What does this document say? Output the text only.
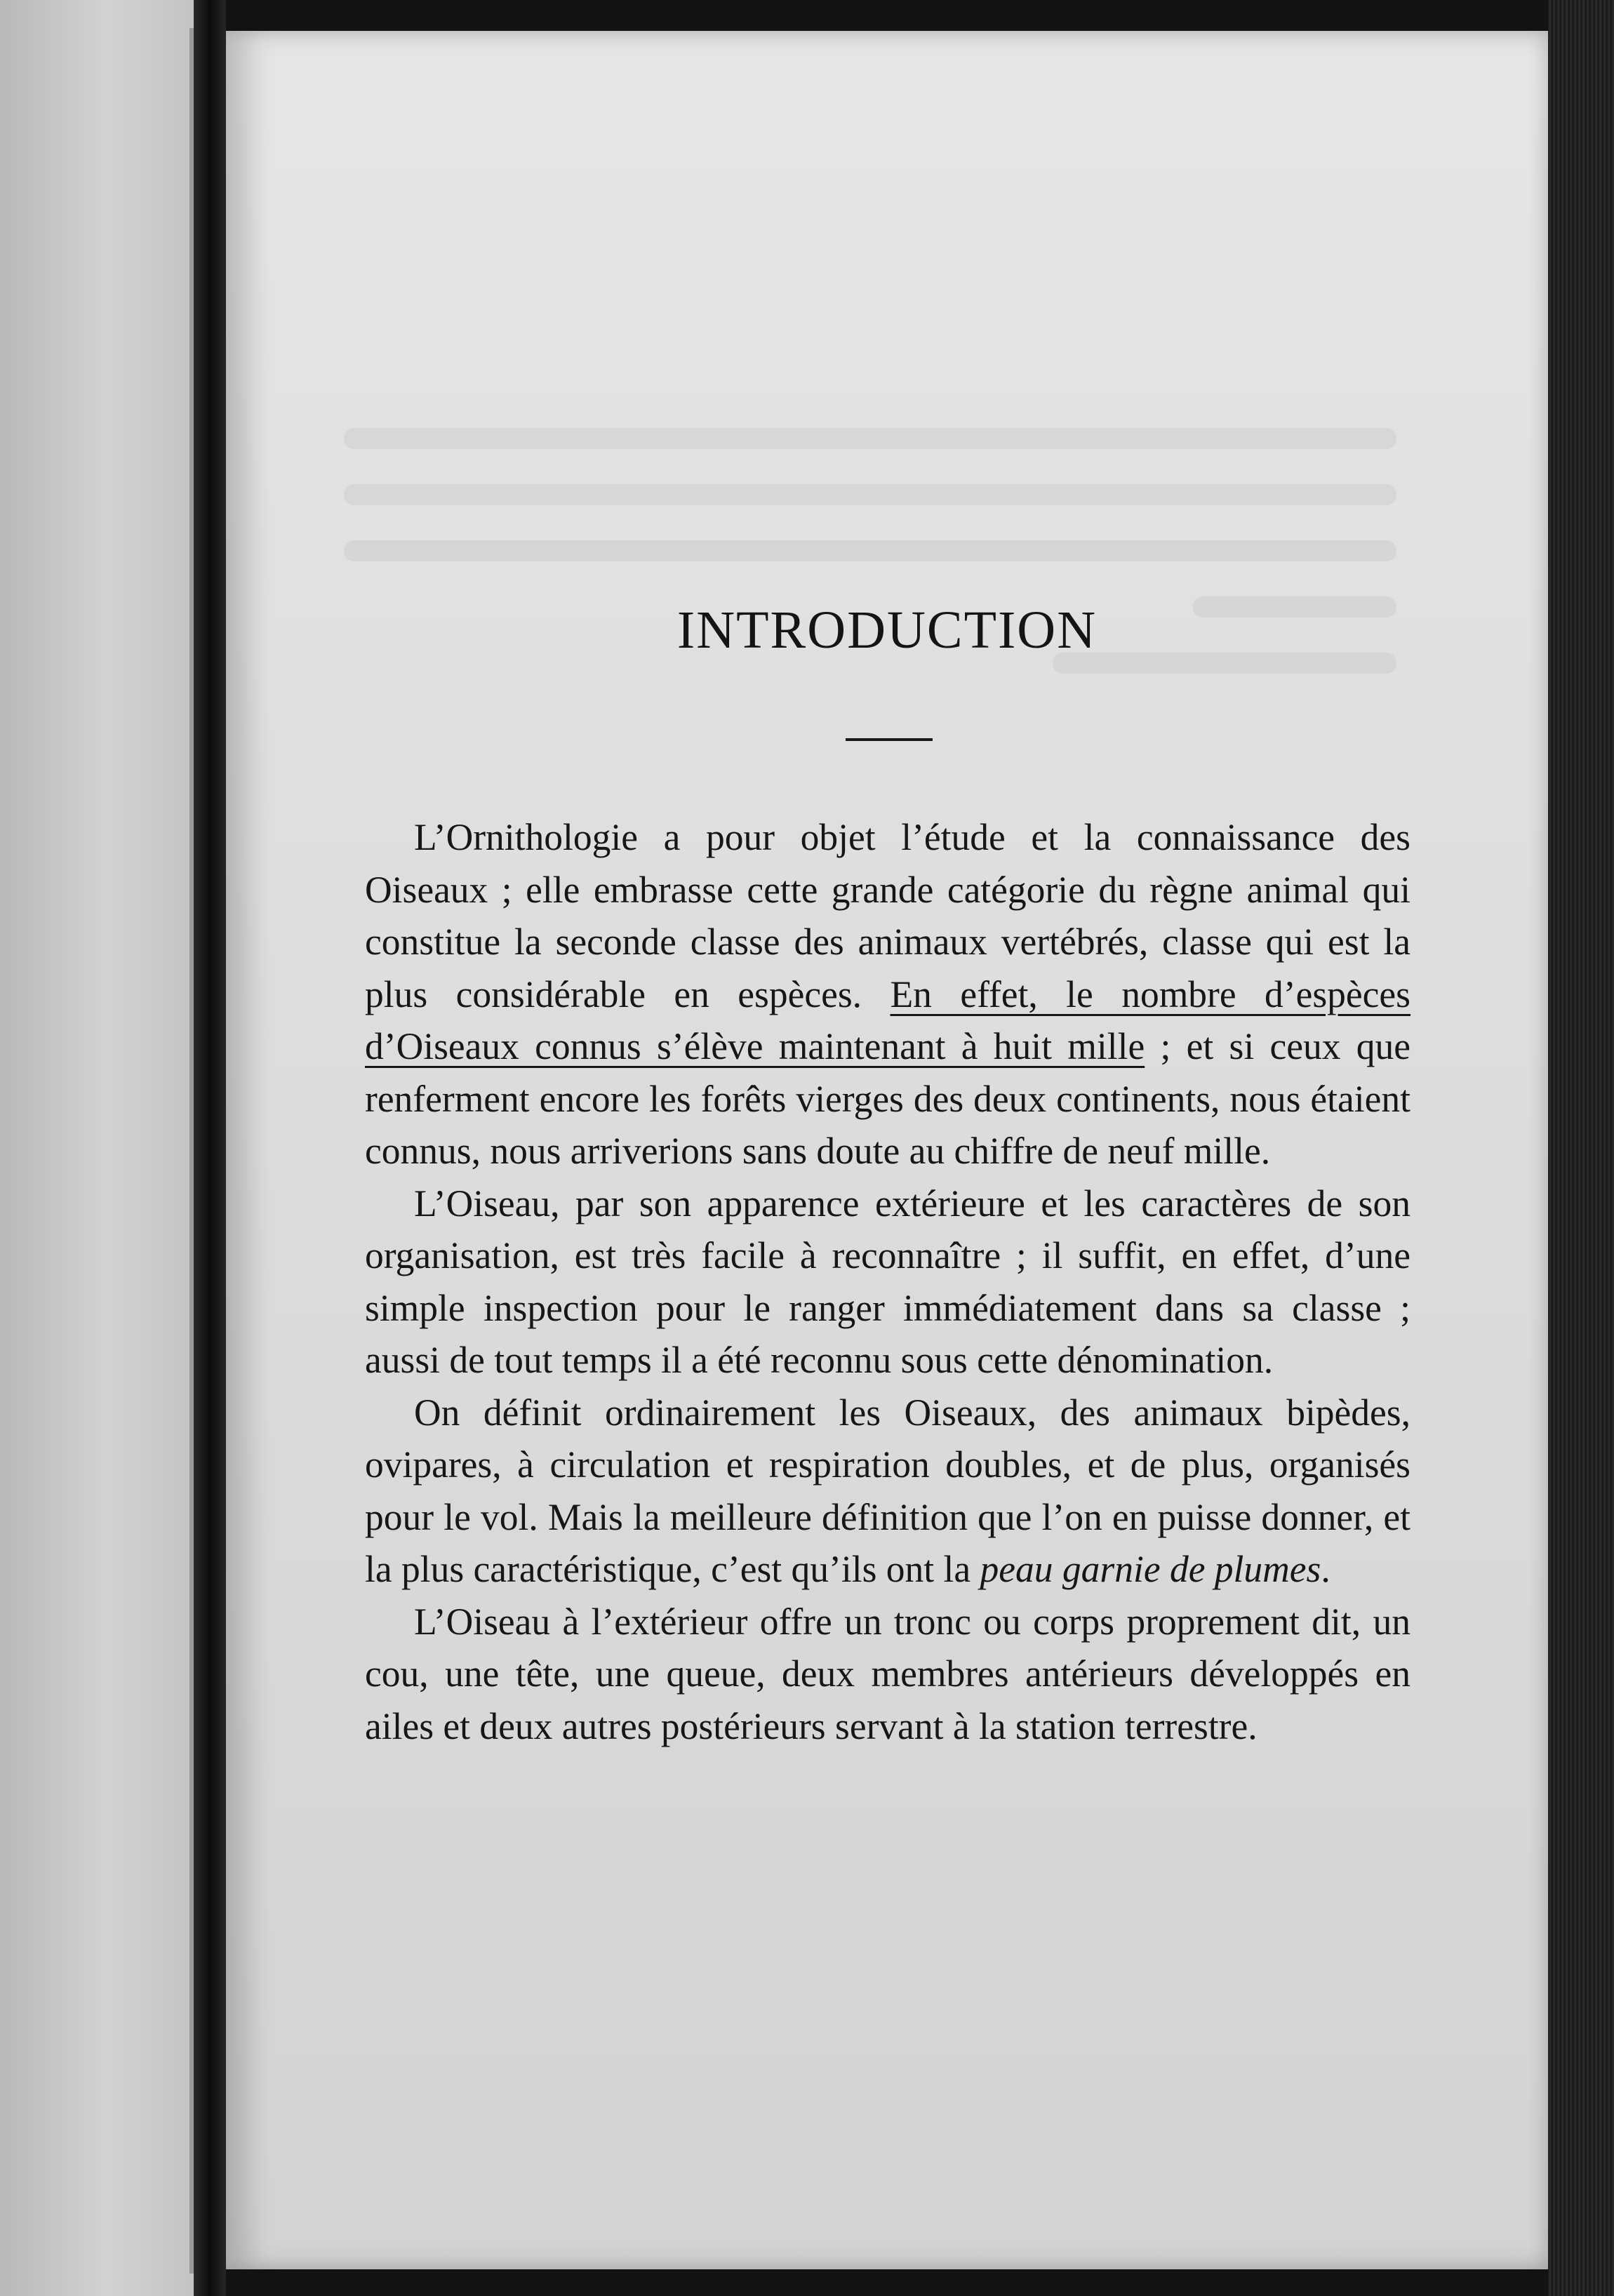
INTRODUCTION

L’Ornithologie a pour objet l’étude et la connaissance des Oiseaux ; elle embrasse cette grande catégorie du règne animal qui constitue la seconde classe des animaux vertébrés, classe qui est la plus considérable en espèces. En effet, le nombre d’espèces d’Oiseaux connus s’élève maintenant à huit mille ; et si ceux que renferment encore les forêts vierges des deux continents, nous étaient connus, nous arriverions sans doute au chiffre de neuf mille.

L’Oiseau, par son apparence extérieure et les caractères de son organisation, est très facile à reconnaître ; il suffit, en effet, d’une simple inspection pour le ranger immédiatement dans sa classe ; aussi de tout temps il a été reconnu sous cette dénomination.

On définit ordinairement les Oiseaux, des animaux bipèdes, ovipares, à circulation et respiration doubles, et de plus, organisés pour le vol. Mais la meilleure définition que l’on en puisse donner, et la plus caractéristique, c’est qu’ils ont la peau garnie de plumes.

L’Oiseau à l’extérieur offre un tronc ou corps proprement dit, un cou, une tête, une queue, deux membres antérieurs développés en ailes et deux autres postérieurs servant à la station terrestre.
